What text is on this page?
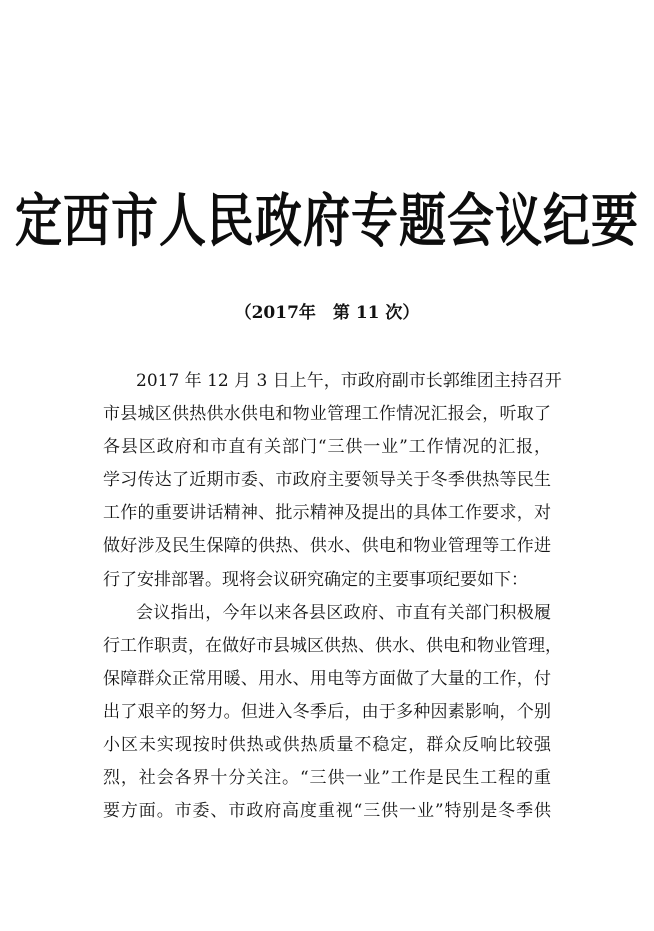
定西市人民政府专题会议纪要
（2017年　第 11 次）
2017 年 12 月 3 日上午，市政府副市长郭维团主持召开
市县城区供热供水供电和物业管理工作情况汇报会，听取了
各县区政府和市直有关部门“三供一业”工作情况的汇报，
学习传达了近期市委、市政府主要领导关于冬季供热等民生
工作的重要讲话精神、批示精神及提出的具体工作要求，对
做好涉及民生保障的供热、供水、供电和物业管理等工作进
行了安排部署。现将会议研究确定的主要事项纪要如下：
会议指出，今年以来各县区政府、市直有关部门积极履
行工作职责，在做好市县城区供热、供水、供电和物业管理，
保障群众正常用暖、用水、用电等方面做了大量的工作，付
出了艰辛的努力。但进入冬季后，由于多种因素影响，个别
小区未实现按时供热或供热质量不稳定，群众反响比较强
烈，社会各界十分关注。“三供一业”工作是民生工程的重
要方面。市委、市政府高度重视“三供一业”特别是冬季供
